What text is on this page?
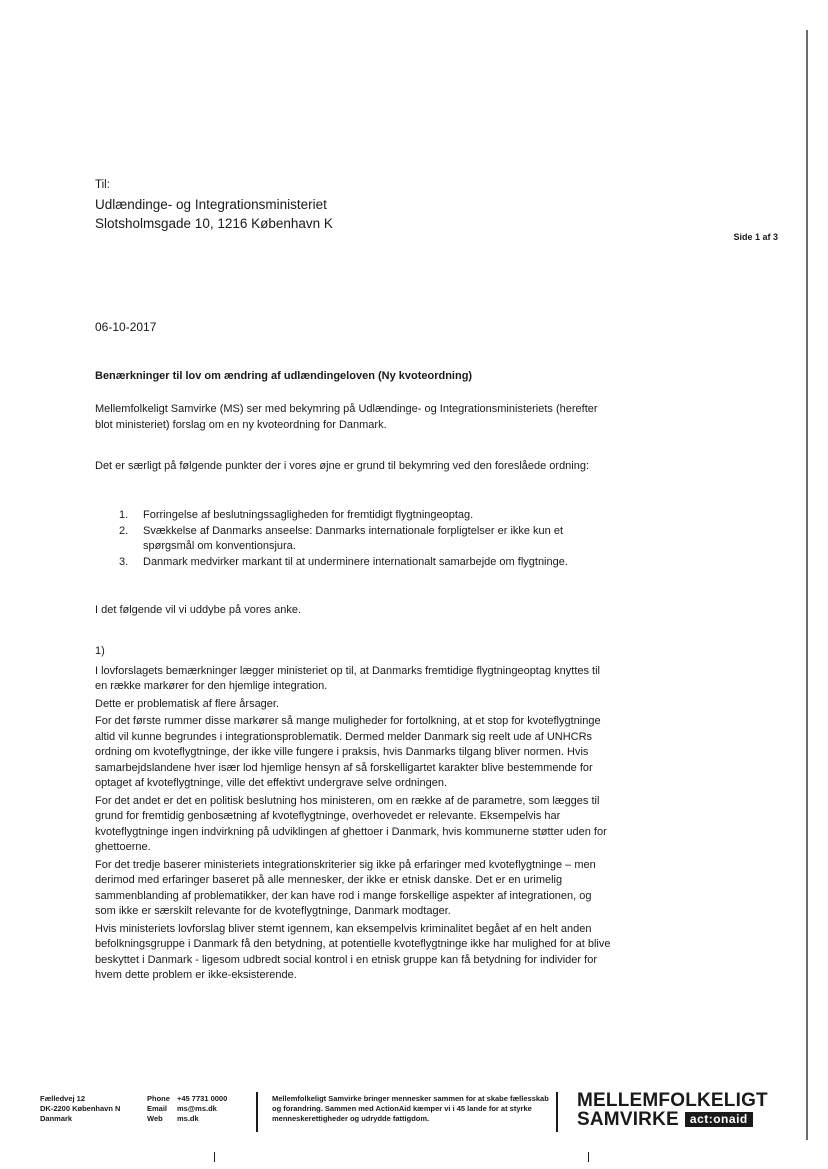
Til:
Udlændinge- og Integrationsministeriet
Slotsholmsgade 10, 1216 København K
Side 1 af 3
06-10-2017
Benærkninger til lov om ændring af udlændingeloven (Ny kvoteordning)

Mellemfolkeligt Samvirke (MS) ser med bekymring på Udlændinge- og Integrationsministeriets (herefter blot ministeriet) forslag om en ny kvoteordning for Danmark.

Det er særligt på følgende punkter der i vores øjne er grund til bekymring ved den foreslåede ordning:

1. Forringelse af beslutningssagligheden for fremtidigt flygtningeoptag.
2. Svækkelse af Danmarks anseelse: Danmarks internationale forpligtelser er ikke kun et spørgsmål om konventionsjura.
3. Danmark medvirker markant til at underminere internationalt samarbejde om flygtninge.

I det følgende vil vi uddybe på vores anke.

1)

I lovforslagets bemærkninger lægger ministeriet op til, at Danmarks fremtidige flygtningeoptag knyttes til en række markører for den hjemlige integration.

Dette er problematisk af flere årsager.

For det første rummer disse markører så mange muligheder for fortolkning, at et stop for kvoteflygtninge altid vil kunne begrundes i integrationsproblematik. Dermed melder Danmark sig reelt ude af UNHCRs ordning om kvoteflygtninge, der ikke ville fungere i praksis, hvis Danmarks tilgang bliver normen. Hvis samarbejdslandene hver især lod hjemlige hensyn af så forskelligartet karakter blive bestemmende for optaget af kvoteflygtninge, ville det effektivt undergrave selve ordningen.

For det andet er det en politisk beslutning hos ministeren, om en række af de parametre, som lægges til grund for fremtidig genbosætning af kvoteflygtninge, overhovedet er relevante. Eksempelvis har kvoteflygtninge ingen indvirkning på udviklingen af ghettoer i Danmark, hvis kommunerne støtter uden for ghettoerne.

For det tredje baserer ministeriets integrationskriterier sig ikke på erfaringer med kvoteflygtninge – men derimod med erfaringer baseret på alle mennesker, der ikke er etnisk danske. Det er en urimelig sammenblanding af problematikker, der kan have rod i mange forskellige aspekter af integrationen, og som ikke er særskilt relevante for de kvoteflygtninge, Danmark modtager.

Hvis ministeriets lovforslag bliver stemt igennem, kan eksempelvis kriminalitet begået af en helt anden befolkningsgruppe i Danmark få den betydning, at potentielle kvoteflygtninge ikke har mulighed for at blive beskyttet i Danmark - ligesom udbredt social kontrol i en etnisk gruppe kan få betydning for individer for hvem dette problem er ikke-eksisterende.

Fælledvej 12
DK-2200 København N
Danmark
Phone +45 7731 0000
Email ms@ms.dk
Web ms.dk
Mellemfolkeligt Samvirke bringer mennesker sammen for at skabe fællesskab og forandring. Sammen med ActionAid kæmper vi i 45 lande for at styrke menneskerettigheder og udrydde fattigdom.
MELLEMFOLKELIGT
SAMVIRKE act:onaid
